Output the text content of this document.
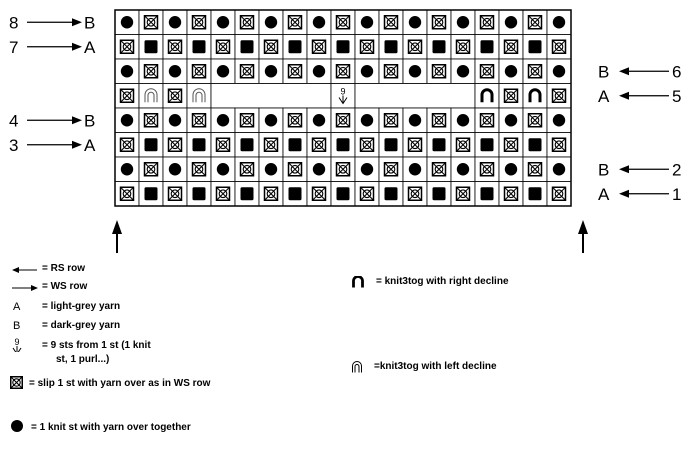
9
8	B
7	A
B	6
A	5
4	B
3	A
B	2
A	1
= RS row
= WS row
A = light-grey yarn
B = dark-grey yarn
9 = 9 sts from 1 st (1 knit
st, 1 purl...)
= slip 1 st with yarn over as in WS row
= 1 knit st with yarn over together
= knit3tog with right decline
=knit3tog with left decline
